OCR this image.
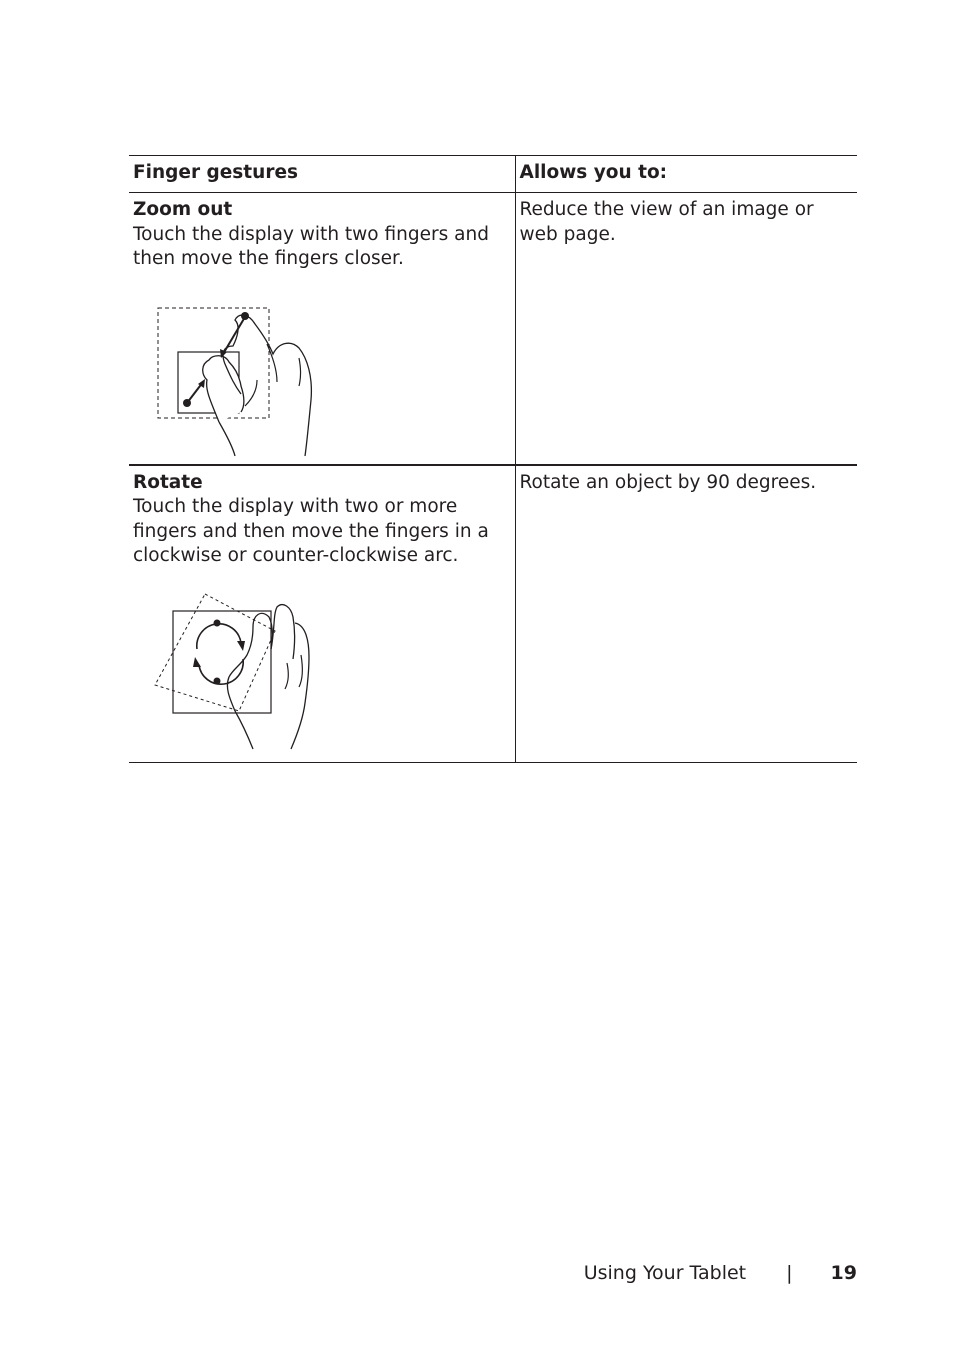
Finger gestures	Allows you to:

Zoom out
Touch the display with two fingers and then move the fingers closer.	Reduce the view of an image or web page.

Rotate
Touch the display with two or more fingers and then move the fingers in a clockwise or counter-clockwise arc.	Rotate an object by 90 degrees.
Using Your Tablet | 19
